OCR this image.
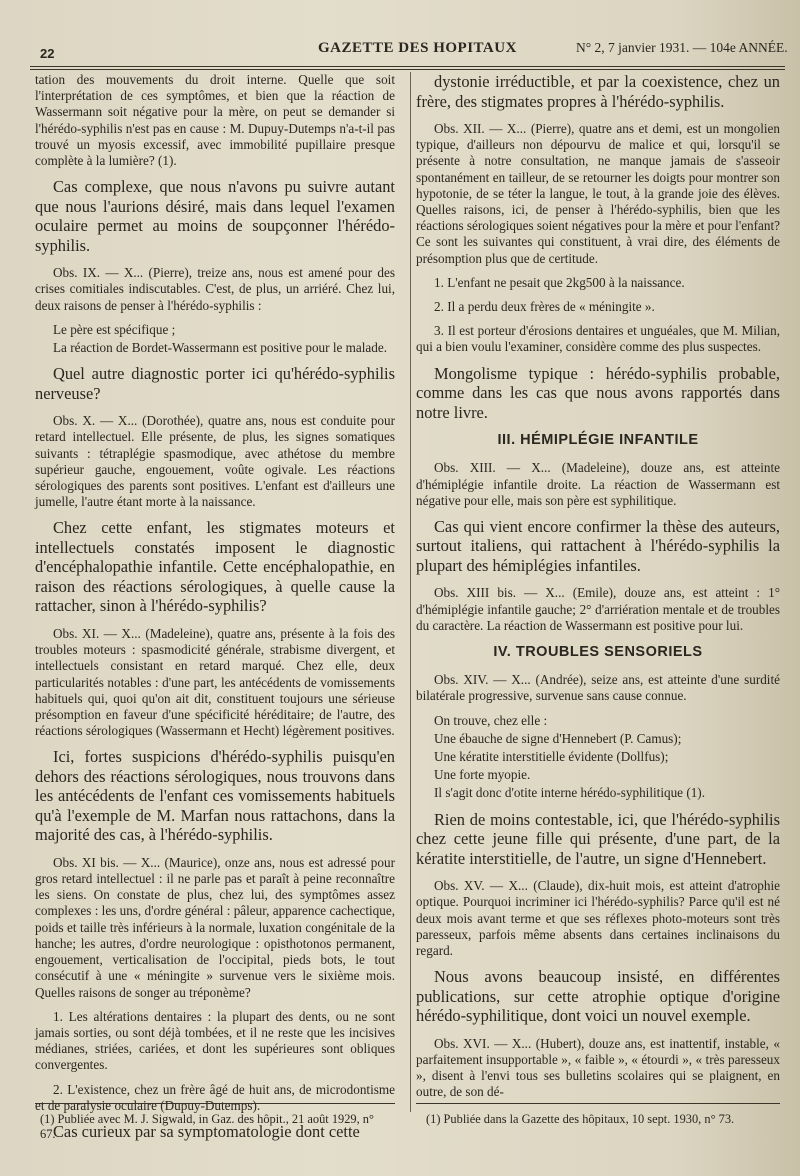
22	GAZETTE DES HOPITAUX	N° 2, 7 janvier 1931. — 104e ANNÉE.

tation des mouvements du droit interne. Quelle que soit l'interprétation de ces symptômes, et bien que la réaction de Wassermann soit négative pour la mère, on peut se demander si l'hérédo-syphilis n'est pas en cause : M. Dupuy-Dutemps n'a-t-il pas trouvé un myosis excessif, avec immobilité pupillaire presque complète à la lumière? (1).

Cas complexe, que nous n'avons pu suivre autant que nous l'aurions désiré, mais dans lequel l'examen oculaire permet au moins de soupçonner l'hérédo-syphilis.

Obs. IX. — X... (Pierre), treize ans, nous est amené pour des crises comitiales indiscutables. C'est, de plus, un arriéré. Chez lui, deux raisons de penser à l'hérédo-syphilis :

Le père est spécifique ;

La réaction de Bordet-Wassermann est positive pour le malade.

Quel autre diagnostic porter ici qu'hérédo-syphilis nerveuse?

Obs. X. — X... (Dorothée), quatre ans, nous est conduite pour retard intellectuel. Elle présente, de plus, les signes somatiques suivants : tétraplégie spasmodique, avec athétose du membre supérieur gauche, engouement, voûte ogivale. Les réactions sérologiques des parents sont positives. L'enfant est d'ailleurs une jumelle, l'autre étant morte à la naissance.

Chez cette enfant, les stigmates moteurs et intellectuels constatés imposent le diagnostic d'encéphalopathie infantile. Cette encéphalopathie, en raison des réactions sérologiques, à quelle cause la rattacher, sinon à l'hérédo-syphilis?

Obs. XI. — X... (Madeleine), quatre ans, présente à la fois des troubles moteurs : spasmodicité générale, strabisme divergent, et intellectuels consistant en retard marqué. Chez elle, deux particularités notables : d'une part, les antécédents de vomissements habituels qui, quoi qu'on ait dit, constituent toujours une sérieuse présomption en faveur d'une spécificité héréditaire; de l'autre, des réactions sérologiques (Wassermann et Hecht) légèrement positives.

Ici, fortes suspicions d'hérédo-syphilis puisqu'en dehors des réactions sérologiques, nous trouvons dans les antécédents de l'enfant ces vomissements habituels qu'à l'exemple de M. Marfan nous rattachons, dans la majorité des cas, à l'hérédo-syphilis.

Obs. XI bis. — X... (Maurice), onze ans, nous est adressé pour gros retard intellectuel : il ne parle pas et paraît à peine reconnaître les siens. On constate de plus, chez lui, des symptômes assez complexes : les uns, d'ordre général : pâleur, apparence cachectique, poids et taille très inférieurs à la normale, luxation congénitale de la hanche; les autres, d'ordre neurologique : opisthotonos permanent, engouement, verticalisation de l'occipital, pieds bots, le tout consécutif à une « méningite » survenue vers le sixième mois. Quelles raisons de songer au tréponème?

1. Les altérations dentaires : la plupart des dents, ou ne sont jamais sorties, ou sont déjà tombées, et il ne reste que les incisives médianes, striées, cariées, et dont les supérieures sont obliques convergentes.

2. L'existence, chez un frère âgé de huit ans, de microdontisme et de paralysie oculaire (Dupuy-Dutemps).

Cas curieux par sa symptomatologie dont cette

dystonie irréductible, et par la coexistence, chez un frère, des stigmates propres à l'hérédo-syphilis.

Obs. XII. — X... (Pierre), quatre ans et demi, est un mongolien typique, d'ailleurs non dépourvu de malice et qui, lorsqu'il se présente à notre consultation, ne manque jamais de s'asseoir spontanément en tailleur, de se retourner les doigts pour montrer son hypotonie, de se téter la langue, le tout, à la grande joie des élèves. Quelles raisons, ici, de penser à l'hérédo-syphilis, bien que les réactions sérologiques soient négatives pour la mère et pour l'enfant? Ce sont les suivantes qui constituent, à vrai dire, des éléments de présomption plus que de certitude.

1. L'enfant ne pesait que 2kg500 à la naissance.

2. Il a perdu deux frères de « méningite ».

3. Il est porteur d'érosions dentaires et unguéales, que M. Milian, qui a bien voulu l'examiner, considère comme des plus suspectes.

Mongolisme typique : hérédo-syphilis probable, comme dans les cas que nous avons rapportés dans notre livre.

III. HÉMIPLÉGIE INFANTILE

Obs. XIII. — X... (Madeleine), douze ans, est atteinte d'hémiplégie infantile droite. La réaction de Wassermann est négative pour elle, mais son père est syphilitique.

Cas qui vient encore confirmer la thèse des auteurs, surtout italiens, qui rattachent à l'hérédo-syphilis la plupart des hémiplégies infantiles.

Obs. XIII bis. — X... (Emile), douze ans, est atteint : 1° d'hémiplégie infantile gauche; 2° d'arriération mentale et de troubles du caractère. La réaction de Wassermann est positive pour lui.

IV. TROUBLES SENSORIELS

Obs. XIV. — X... (Andrée), seize ans, est atteinte d'une surdité bilatérale progressive, survenue sans cause connue.

On trouve, chez elle :

Une ébauche de signe d'Hennebert (P. Camus);

Une kératite interstitielle évidente (Dollfus);

Une forte myopie.

Il s'agit donc d'otite interne hérédo-syphilitique (1).

Rien de moins contestable, ici, que l'hérédo-syphilis chez cette jeune fille qui présente, d'une part, de la kératite interstitielle, de l'autre, un signe d'Hennebert.

Obs. XV. — X... (Claude), dix-huit mois, est atteint d'atrophie optique. Pourquoi incriminer ici l'hérédo-syphilis? Parce qu'il est né deux mois avant terme et que ses réflexes photo-moteurs sont très paresseux, parfois même absents dans certaines inclinaisons du regard.

Nous avons beaucoup insisté, en différentes publications, sur cette atrophie optique d'origine hérédo-syphilitique, dont voici un nouvel exemple.

Obs. XVI. — X... (Hubert), douze ans, est inattentif, instable, « parfaitement insupportable », « faible », « étourdi », « très paresseux », disent à l'envi tous ses bulletins scolaires qui se plaignent, en outre, de son dé-

(1) Publiée avec M. J. Sigwald, in Gaz. des hôpit., 21 août 1929, n° 67.
(1) Publiée dans la Gazette des hôpitaux, 10 sept. 1930, n° 73.
